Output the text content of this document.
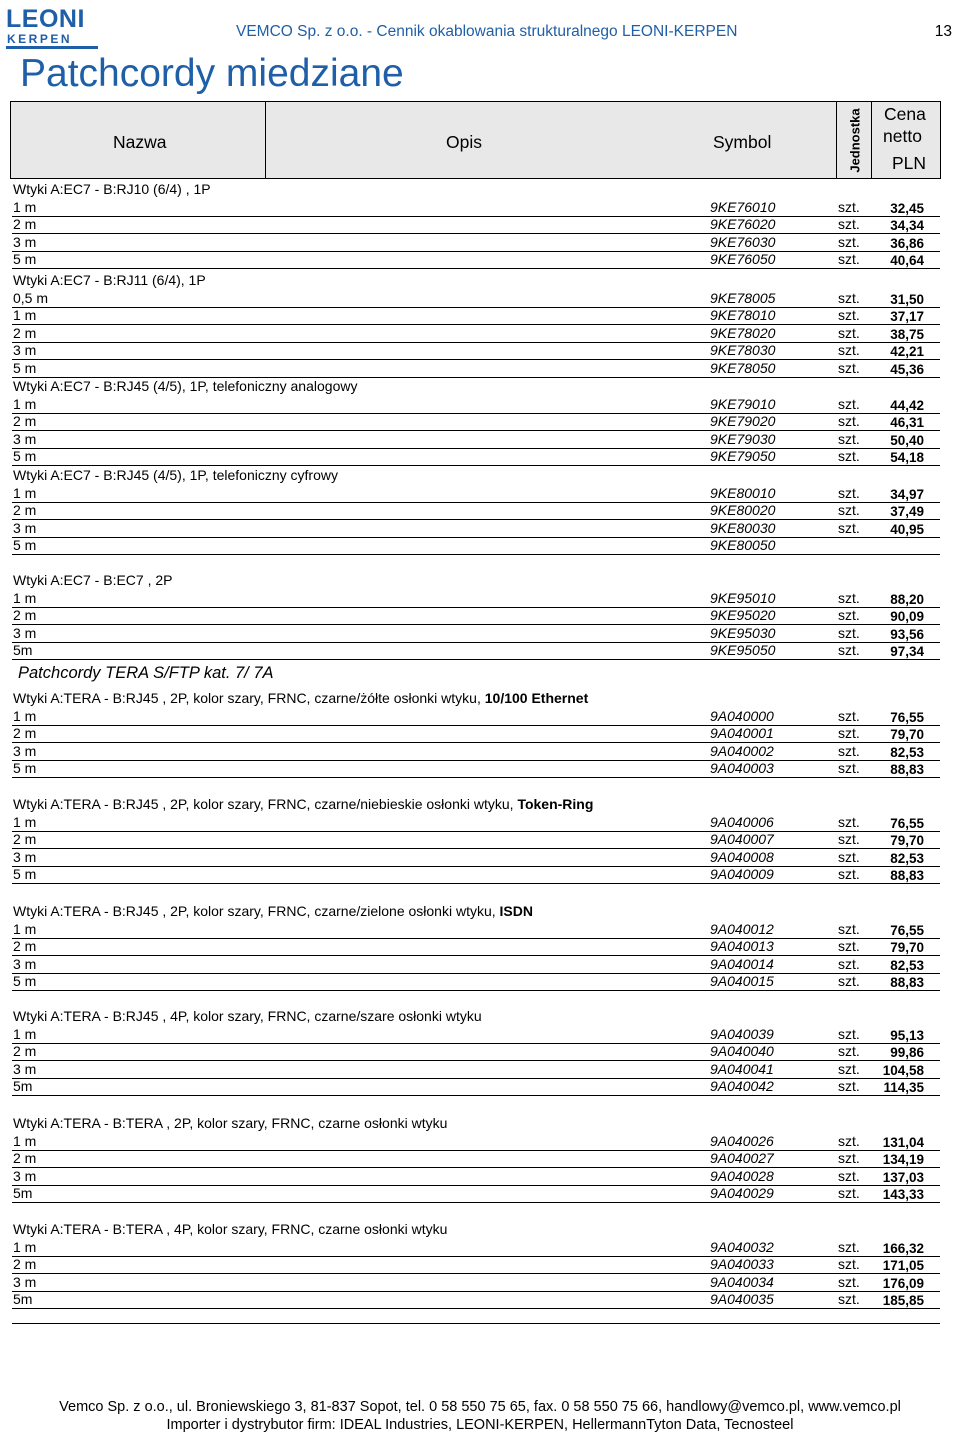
LEONI
KERPEN	VEMCO Sp. z o.o. - Cennik okablowania strukturalnego LEONI-KERPEN	13
Patchcordy miedziane
Nazwa	Opis	Symbol	Jednostka Cena
netto
PLN
Wtyki A:EC7 - B:RJ10 (6/4) , 1P
1 m	9KE76010	szt. 32,45
2 m	9KE76020	szt. 34,34
3 m	9KE76030	szt. 36,86
5 m	9KE76050	szt. 40,64
Wtyki A:EC7 - B:RJ11 (6/4), 1P
0,5 m	9KE78005	szt. 31,50
1 m	9KE78010	szt. 37,17
2 m	9KE78020	szt. 38,75
3 m	9KE78030	szt. 42,21
5 m	9KE78050	szt. 45,36
Wtyki A:EC7 - B:RJ45 (4/5), 1P, telefoniczny analogowy
1 m	9KE79010	szt. 44,42
2 m	9KE79020	szt. 46,31
3 m	9KE79030	szt. 50,40
5 m	9KE79050	szt. 54,18
Wtyki A:EC7 - B:RJ45 (4/5), 1P, telefoniczny cyfrowy
1 m	9KE80010	szt. 34,97
2 m	9KE80020	szt. 37,49
3 m	9KE80030	szt. 40,95
5 m	9KE80050
Wtyki A:EC7 - B:EC7 , 2P
1 m	9KE95010	szt. 88,20
2 m	9KE95020	szt. 90,09
3 m	9KE95030	szt. 93,56
5m	9KE95050	szt. 97,34
Wtyki A:TERA - B:RJ45 , 2P, kolor szary, FRNC, czarne/żółte osłonki wtyku, 10/100 Ethernet
1 m	9A040000	szt. 76,55
2 m	9A040001	szt. 79,70
3 m	9A040002	szt. 82,53
5 m	9A040003	szt. 88,83
Wtyki A:TERA - B:RJ45 , 2P, kolor szary, FRNC, czarne/niebieskie osłonki wtyku, Token-Ring
1 m	9A040006	szt. 76,55
2 m	9A040007	szt. 79,70
3 m	9A040008	szt. 82,53
5 m	9A040009	szt. 88,83
Wtyki A:TERA - B:RJ45 , 2P, kolor szary, FRNC, czarne/zielone osłonki wtyku, ISDN
1 m	9A040012	szt. 76,55
2 m	9A040013	szt. 79,70
3 m	9A040014	szt. 82,53
5 m	9A040015	szt. 88,83
Wtyki A:TERA - B:RJ45 , 4P, kolor szary, FRNC, czarne/szare osłonki wtyku
1 m	9A040039	szt. 95,13
2 m	9A040040	szt. 99,86
3 m	9A040041	szt. 104,58
5m	9A040042	szt. 114,35
Wtyki A:TERA - B:TERA , 2P, kolor szary, FRNC, czarne osłonki wtyku
1 m	9A040026	szt. 131,04
2 m	9A040027	szt. 134,19
3 m	9A040028	szt. 137,03
5m	9A040029	szt. 143,33
Wtyki A:TERA - B:TERA , 4P, kolor szary, FRNC, czarne osłonki wtyku
1 m	9A040032	szt. 166,32
2 m	9A040033	szt. 171,05
3 m	9A040034	szt. 176,09
5m	9A040035	szt. 185,85
Vemco Sp. z o.o., ul. Broniewskiego 3, 81-837 Sopot, tel. 0 58 550 75 65, fax. 0 58 550 75 66, handlowy@vemco.pl, www.vemco.pl
Importer i dystrybutor firm: IDEAL Industries, LEONI-KERPEN, HellermannTyton Data, Tecnosteel
Patchcordy TERA S/FTP kat. 7/ 7A
